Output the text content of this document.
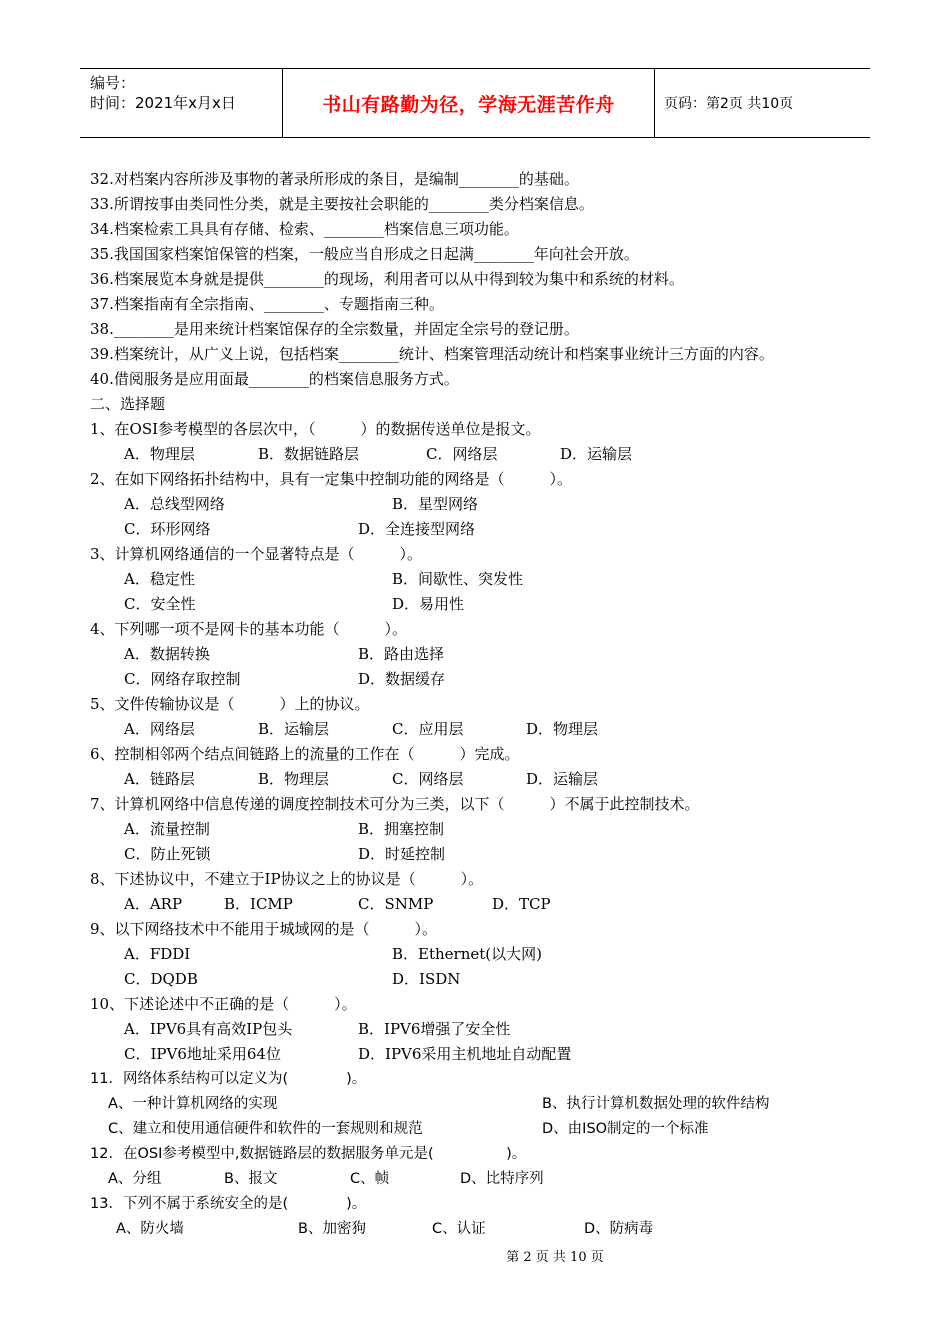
编号：
时间：2021年x月x日	书山有路勤为径，学海无涯苦作舟	页码：第2页 共10页
32.对档案内容所涉及事物的著录所形成的条目，是编制________的基础。
33.所谓按事由类同性分类，就是主要按社会职能的________类分档案信息。
34.档案检索工具具有存储、检索、________档案信息三项功能。
35.我国国家档案馆保管的档案，一般应当自形成之日起满________年向社会开放。
36.档案展览本身就是提供________的现场，利用者可以从中得到较为集中和系统的材料。
37.档案指南有全宗指南、________、专题指南三种。
38.________是用来统计档案馆保存的全宗数量，并固定全宗号的登记册。
39.档案统计，从广义上说，包括档案________统计、档案管理活动统计和档案事业统计三方面的内容。
40.借阅服务是应用面最________的档案信息服务方式。
二、选择题
1、在OSI参考模型的各层次中，（　　　）的数据传送单位是报文。
A．物理层	B．数据链路层	C．网络层	D．运输层
2、在如下网络拓扑结构中，具有一定集中控制功能的网络是（　　　）。
A．总线型网络	B．星型网络
C．环形网络	D．全连接型网络
3、计算机网络通信的一个显著特点是（　　　）。
A．稳定性	B．间歇性、突发性
C．安全性	D．易用性
4、下列哪一项不是网卡的基本功能（　　　）。
A．数据转换	B．路由选择
C．网络存取控制	D．数据缓存
5、文件传输协议是（　　　）上的协议。
A．网络层	B．运输层	C．应用层	D．物理层
6、控制相邻两个结点间链路上的流量的工作在（　　　）完成。
A．链路层	B．物理层	C．网络层	D．运输层
7、计算机网络中信息传递的调度控制技术可分为三类，以下（　　　）不属于此控制技术。
A．流量控制	B．拥塞控制
C．防止死锁	D．时延控制
8、下述协议中，不建立于IP协议之上的协议是（　　　）。
A．ARP	B．ICMP	C．SNMP	D．TCP
9、以下网络技术中不能用于城域网的是（　　　）。
A．FDDI	B．Ethernet(以大网)
C．DQDB	D．ISDN
10、下述论述中不正确的是（　　　）。
A．IPV6具有高效IP包头	B．IPV6增强了安全性
C．IPV6地址采用64位	D．IPV6采用主机地址自动配置
11．网络体系结构可以定义为(　　　　)。
A、一种计算机网络的实现	B、执行计算机数据处理的软件结构
C、建立和使用通信硬件和软件的一套规则和规范	D、由ISO制定的一个标准
12．在OSI参考模型中,数据链路层的数据服务单元是(　　　　　)。
A、分组	B、报文	C、帧	D、比特序列
13．下列不属于系统安全的是(　　　　)。
A、防火墙	B、加密狗	C、认证	D、防病毒
第 2 页 共 10 页
